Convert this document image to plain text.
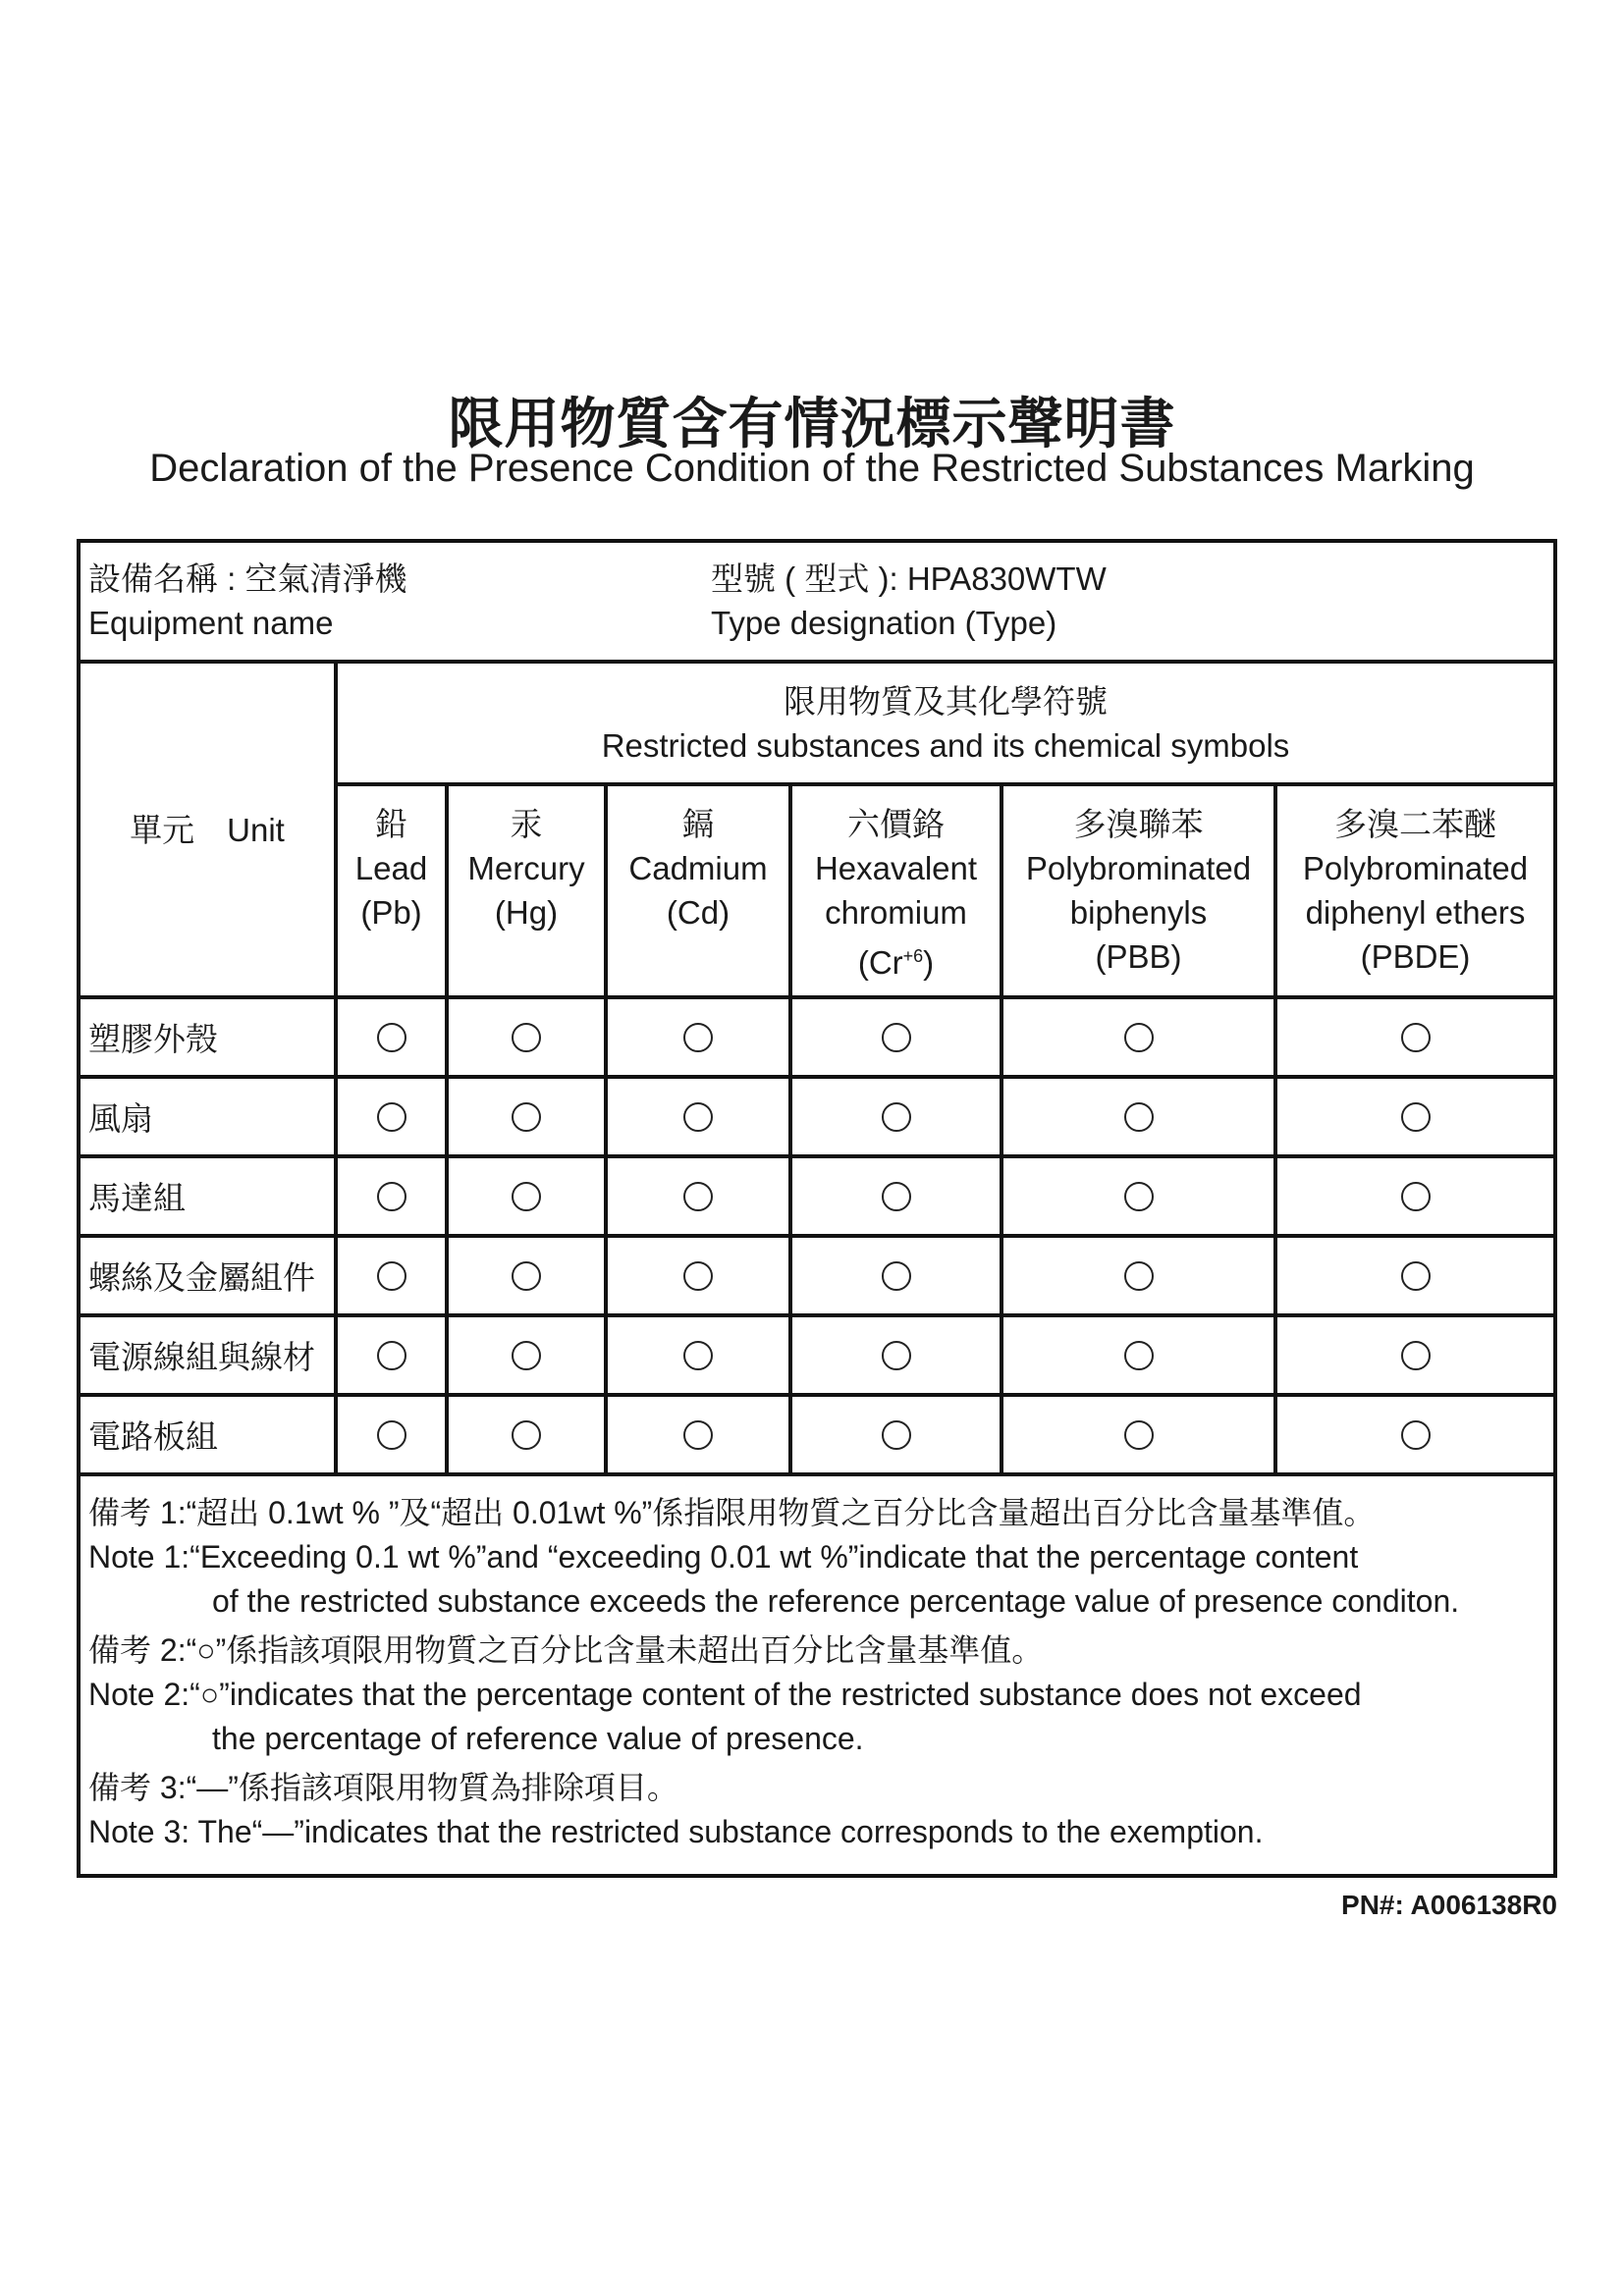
限用物質含有情況標示聲明書
Declaration of the Presence Condition of the Restricted Substances Marking
設備名稱 : 空氣清淨機
Equipment name
型號 ( 型式 ): HPA830WTW
Type designation (Type)
單元　Unit
限用物質及其化學符號
Restricted substances and its chemical symbols
鉛
Lead
(Pb)
汞
Mercury
(Hg)
鎘
Cadmium
(Cd)
六價鉻
Hexavalent
chromium
$(Cr^{+6})$
多溴聯苯
Polybrominated
biphenyls
(PBB)
多溴二苯醚
Polybrominated
diphenyl ethers
(PBDE)
塑膠外殼
風扇
馬達組
螺絲及金屬組件
電源線組與線材
電路板組
備考 1:“超出 0.1wt % ”及“超出 0.01wt %”係指限用物質之百分比含量超出百分比含量基準值。
Note 1:“Exceeding 0.1 wt %”and “exceeding 0.01 wt %”indicate that the percentage content
of the restricted substance exceeds the reference percentage value of presence conditon.
備考 2:“○”係指該項限用物質之百分比含量未超出百分比含量基準值。
Note 2:“○”indicates that the percentage content of the restricted substance does not exceed
the percentage of reference value of presence.
備考 3:“—”係指該項限用物質為排除項目。
Note 3: The“—”indicates that the restricted substance corresponds to the exemption.
PN#: A006138R0
